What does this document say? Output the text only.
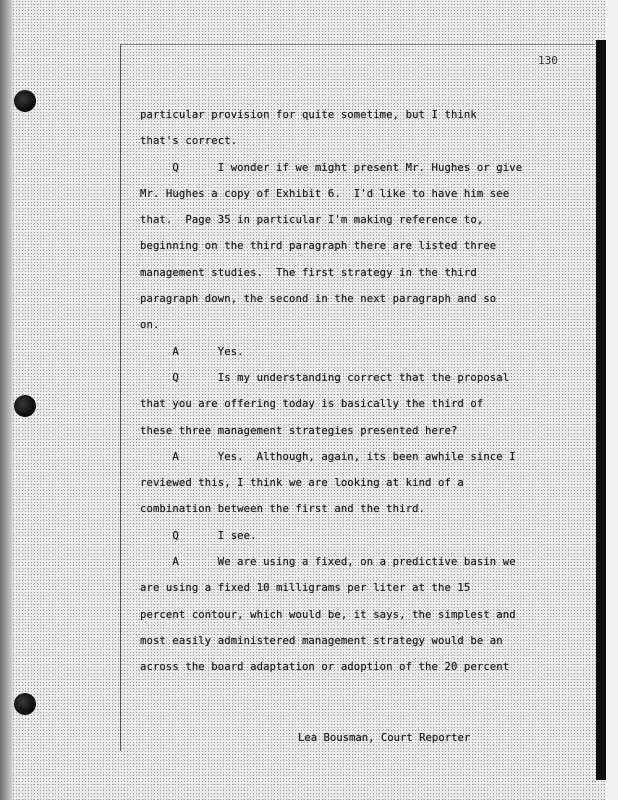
130
particular provision for quite sometime, but I think
that's correct.
Q      I wonder if we might present Mr. Hughes or give
Mr. Hughes a copy of Exhibit 6.  I'd like to have him see
that.  Page 35 in particular I'm making reference to,
beginning on the third paragraph there are listed three
management studies.  The first strategy in the third
paragraph down, the second in the next paragraph and so
on.
A      Yes.
Q      Is my understanding correct that the proposal
that you are offering today is basically the third of
these three management strategies presented here?
A      Yes.  Although, again, its been awhile since I
reviewed this, I think we are looking at kind of a
combination between the first and the third.
Q      I see.
A      We are using a fixed, on a predictive basin we
are using a fixed 10 milligrams per liter at the 15
percent contour, which would be, it says, the simplest and
most easily administered management strategy would be an
across the board adaptation or adoption of the 20 percent
Lea Bousman, Court Reporter
